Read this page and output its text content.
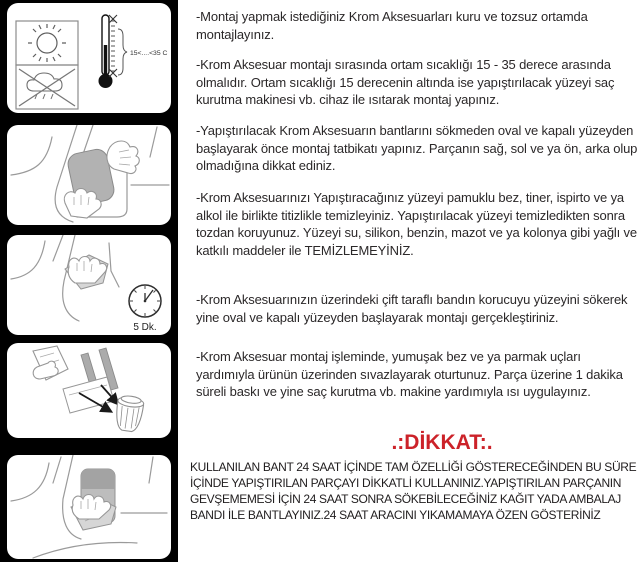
15<....<35 C
5 Dk.

-Montaj yapmak istediğiniz Krom Aksesuarları kuru ve tozsuz ortamda montajlayınız.

-Krom Aksesuar montajı sırasında ortam sıcaklığı 15 - 35 derece arasında olmalıdır. Ortam sıcaklığı 15 derecenin altında ise yapıştırılacak yüzeyi saç kurutma makinesi vb. cihaz ile ısıtarak montaj yapınız.

-Yapıştırılacak Krom Aksesuarın bantlarını sökmeden oval ve kapalı yüzeyden başlayarak önce montaj tatbikatı yapınız. Parçanın sağ, sol ve ya ön, arka olup olmadığına dikkat ediniz.

-Krom Aksesuarınızı Yapıştıracağınız yüzeyi pamuklu bez, tiner, ispirto ve ya alkol ile birlikte titizlikle temizleyiniz. Yapıştırılacak yüzeyi temizledikten sonra tozdan koruyunuz. Yüzeyi su, silikon, benzin, mazot ve ya kolonya gibi yağlı ve katkılı maddeler ile TEMİZLEMEYİNİZ.

-Krom Aksesuarınızın üzerindeki çift taraflı bandın korucuyu yüzeyini sökerek yine oval ve kapalı yüzeyden başlayarak montajı gerçekleştiriniz.

-Krom Aksesuar montaj işleminde, yumuşak bez ve ya parmak uçları yardımıyla ürünün üzerinden sıvazlayarak oturtunuz. Parça üzerine 1 dakika süreli baskı ve yine saç kurutma vb. makine yardımıyla ısı uygulayınız.

.:DİKKAT:.
KULLANILAN BANT 24 SAAT İÇİNDE TAM ÖZELLİĞİ GÖSTERECEĞİNDEN BU SÜRE İÇİNDE YAPIŞTIRILAN PARÇAYI DİKKATLİ KULLANINIZ.YAPIŞTIRILAN PARÇANIN GEVŞEMEMESİ İÇİN 24 SAAT SONRA SÖKEBİLECEĞİNİZ KAĞIT YADA AMBALAJ BANDI İLE BANTLAYINIZ.24 SAAT ARACINI YIKAMAMAYA ÖZEN GÖSTERİNİZ
